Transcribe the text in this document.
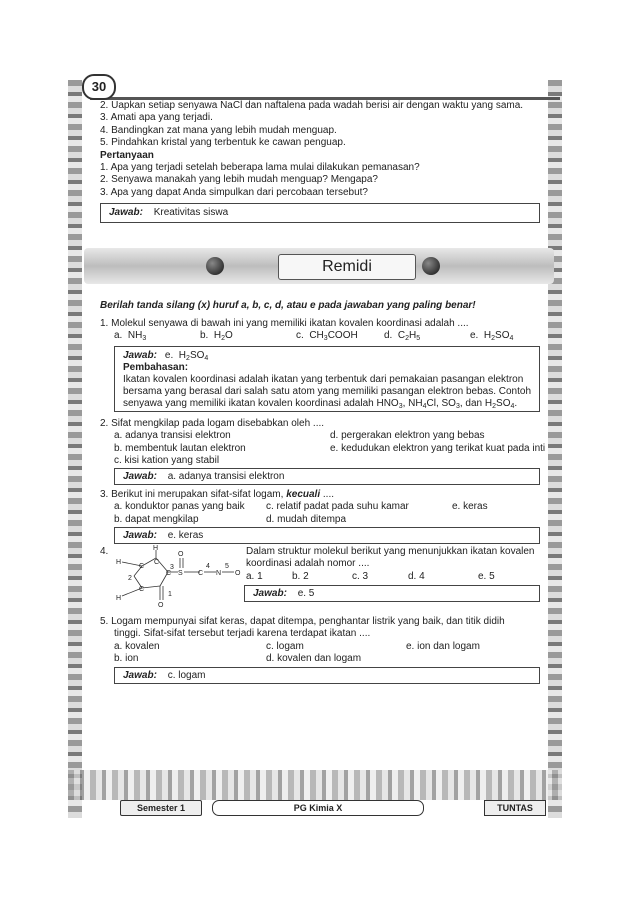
30
2. Uapkan setiap senyawa NaCl dan naftalena pada wadah berisi air dengan waktu yang sama.
3. Amati apa yang terjadi.
4. Bandingkan zat mana yang lebih mudah menguap.
5. Pindahkan kristal yang terbentuk ke cawan penguap.
Pertanyaan
1. Apa yang terjadi setelah beberapa lama mulai dilakukan pemanasan?
2. Senyawa manakah yang lebih mudah menguap? Mengapa?
3. Apa yang dapat Anda simpulkan dari percobaan tersebut?
Jawab: Kreativitas siswa
Remidi
Berilah tanda silang (x) huruf a, b, c, d, atau e pada jawaban yang paling benar!
1. Molekul senyawa di bawah ini yang memiliki ikatan kovalen koordinasi adalah ....
a.  $NH_3$	b.  $H_2O$	c.  $CH_3COOH$	d.  $C_2H_5$	e.  $H_2SO_4$
Jawab: e.  $H_2SO_4$
Pembahasan:
Ikatan kovalen koordinasi adalah ikatan yang terbentuk dari pemakaian pasangan elektron
bersama yang berasal dari salah satu atom yang memiliki pasangan elektron bebas. Contoh
senyawa yang memiliki ikatan kovalen koordinasi adalah $HNO_3$, $NH_4Cl$, $SO_3$, dan $H_2SO_4$.
2. Sifat mengkilap pada logam disebabkan oleh ....
a. adanya transisi elektron	d. pergerakan elektron yang bebas
b. membentuk lautan elektron	e. kedudukan elektron yang terikat kuat pada inti
c. kisi kation yang stabil
Jawab: a. adanya transisi elektron
3. Berikut ini merupakan sifat-sifat logam, kecuali ....
a. konduktor panas yang baik c. relatif padat pada suhu kamar	e. keras
b. dapat mengkilap	d. mudah ditempa
Jawab: e. keras
4.	H
H
H
C
C
C
C
C
S	N
O
O
O
1
2
3	4 5
Dalam struktur molekul berikut yang menunjukkan ikatan kovalen
koordinasi adalah nomor ....
a. 1	b. 2	c. 3	d. 4	e. 5
Jawab: e. 5
5. Logam mempunyai sifat keras, dapat ditempa, penghantar listrik yang baik, dan titik didih
tinggi. Sifat-sifat tersebut terjadi karena terdapat ikatan ....
a. kovalen	c. logam	e. ion dan logam
b. ion	d. kovalen dan logam
Jawab: c. logam
Semester 1	PG Kimia X	TUNTAS
